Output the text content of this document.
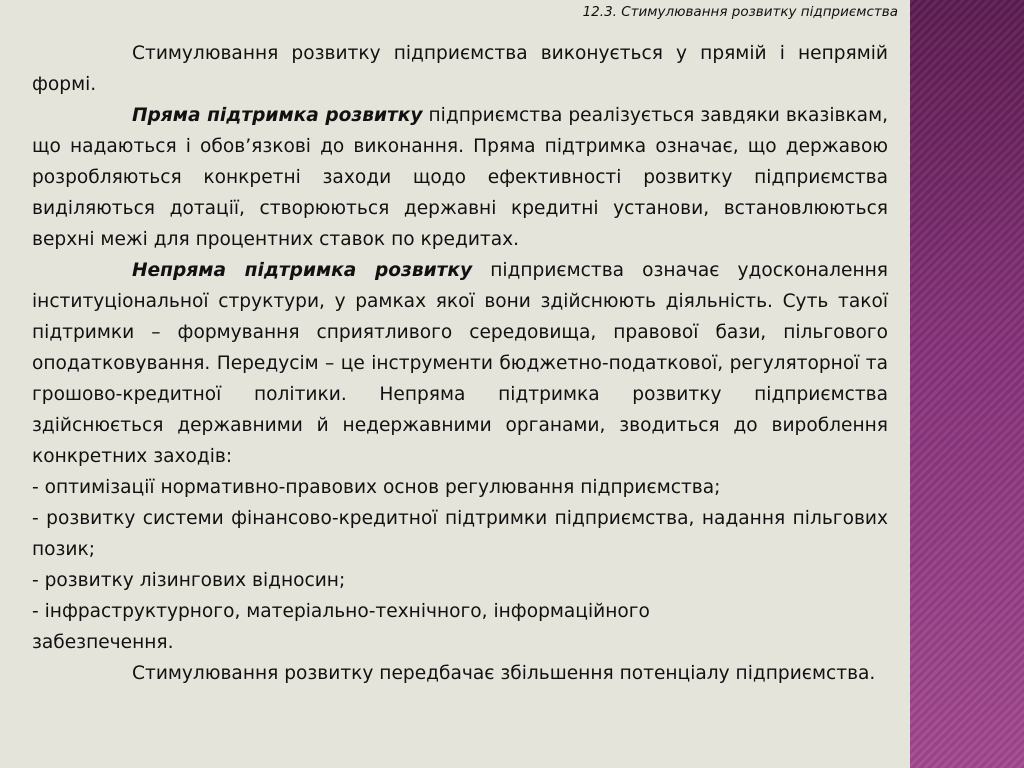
12.3. Стимулювання розвитку підприємства

Стимулювання розвитку підприємства виконується у прямій і непрямій формі.

Пряма підтримка розвитку підприємства реалізується завдяки вказівкам, що надаються і обов’язкові до виконання. Пряма підтримка означає, що державою розробляються конкретні заходи щодо ефективності розвитку підприємства виділяються дотації, створюються державні кредитні установи, встановлюються верхні межі для процентних ставок по кредитах.

Непряма підтримка розвитку підприємства означає удосконалення інституціональної структури, у рамках якої вони здійснюють діяльність. Суть такої підтримки – формування сприятливого середовища, правової бази, пільгового оподатковування. Передусім – це інструменти бюджетно-податкової, регуляторної та грошово-кредитної політики. Непряма підтримка розвитку підприємства здійснюється державними й недержавними органами, зводиться до вироблення конкретних заходів:

- оптимізації нормативно-правових основ регулювання підприємства;

- розвитку системи фінансово-кредитної підтримки підприємства, надання пільгових позик;

- розвитку лізингових відносин;

- інфраструктурного, матеріально-технічного, інформаційного забезпечення.

Стимулювання розвитку передбачає збільшення потенціалу підприємства.
